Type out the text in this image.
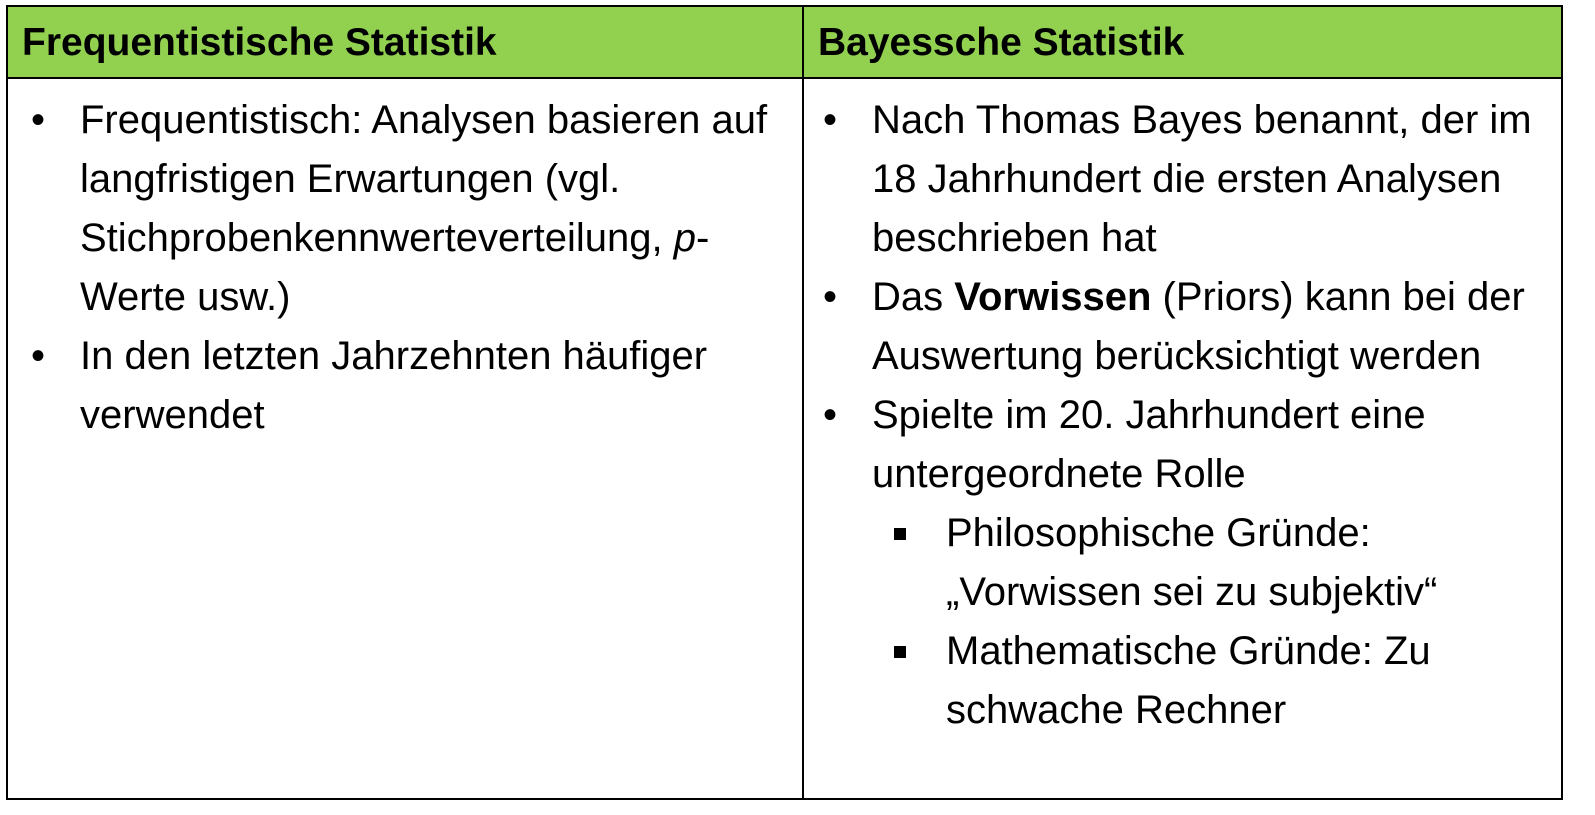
Frequentistische Statistik	Bayessche Statistik
• Frequentistisch: Analysen basieren auf langfristigen Erwartungen (vgl. Stichprobenkennwerteverteilung, p-Werte usw.)
• In den letzten Jahrzehnten häufiger verwendet
• Nach Thomas Bayes benannt, der im 18 Jahrhundert die ersten Analysen beschrieben hat
• Das Vorwissen (Priors) kann bei der Auswertung berücksichtigt werden
• Spielte im 20. Jahrhundert eine untergeordnete Rolle
Philosophische Gründe: „Vorwissen sei zu subjektiv“
Mathematische Gründe: Zu schwache Rechner
